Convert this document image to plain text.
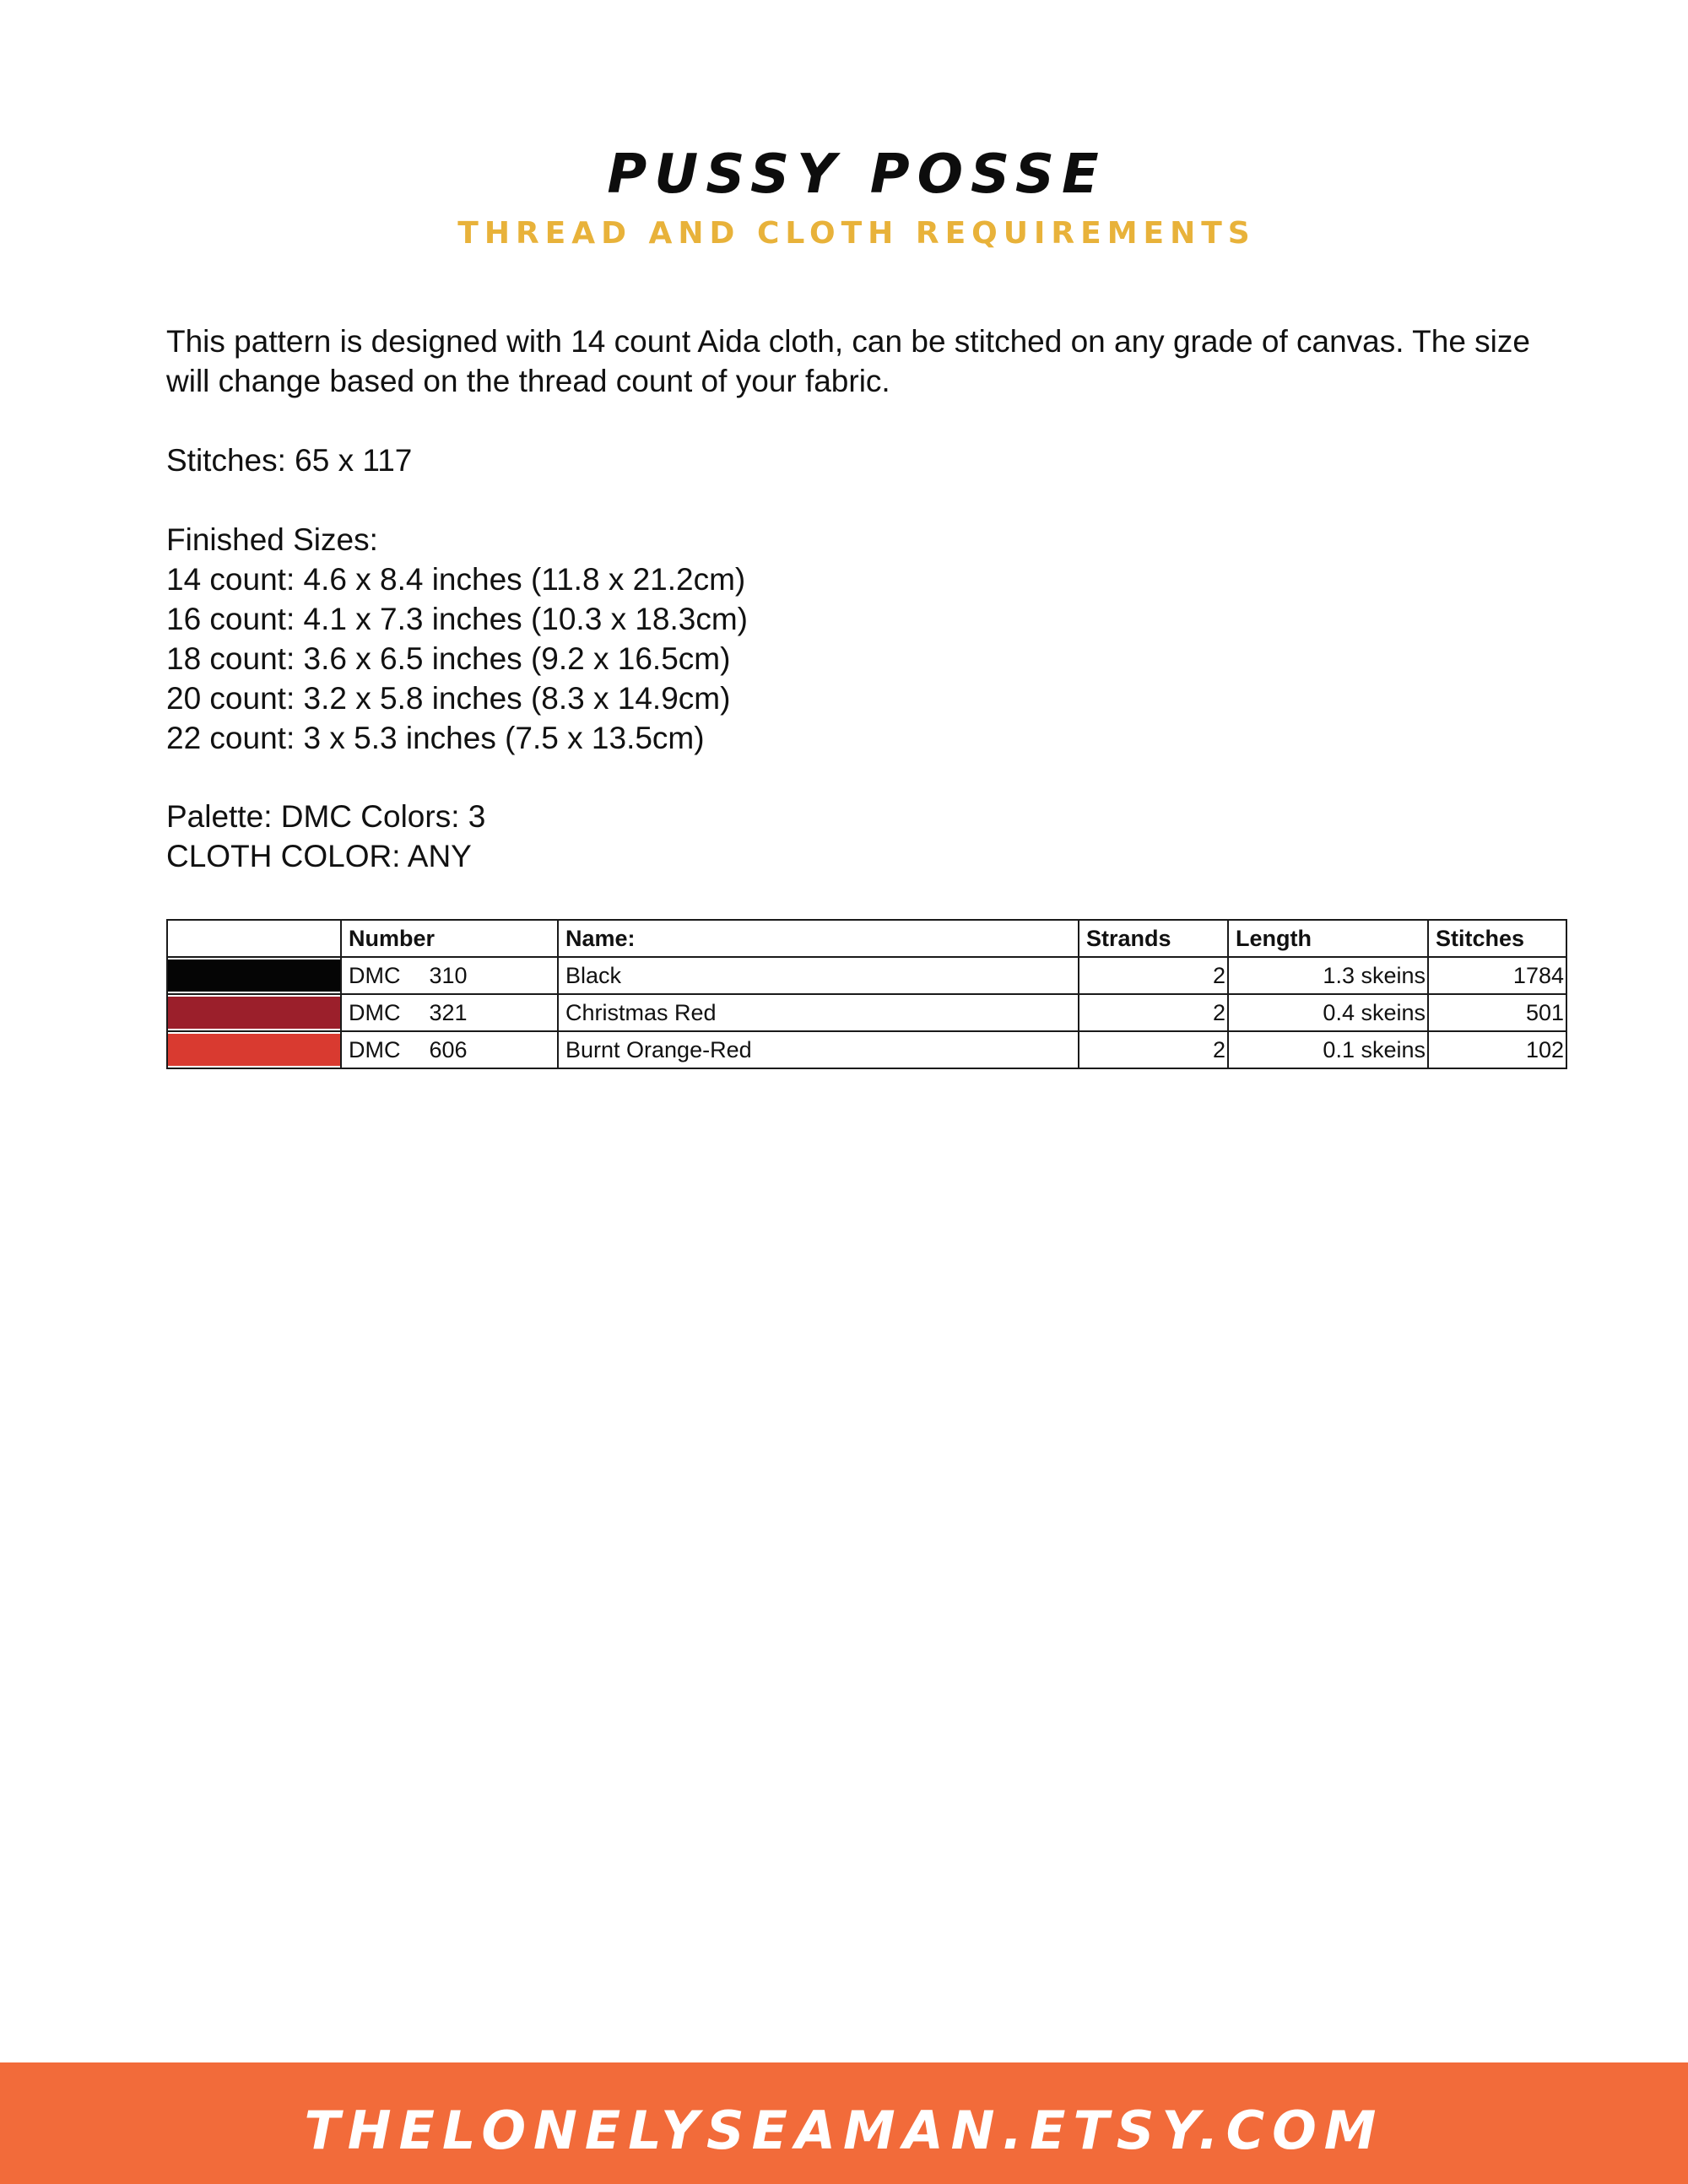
PUSSY POSSE
THREAD AND CLOTH REQUIREMENTS
This pattern is designed with 14 count Aida cloth, can be stitched on any grade of canvas. The size
will change based on the thread count of your fabric.
Stitches: 65 x 117
Finished Sizes:
14 count: 4.6 x 8.4 inches (11.8 x 21.2cm)
16 count: 4.1 x 7.3 inches (10.3 x 18.3cm)
18 count: 3.6 x 6.5 inches (9.2 x 16.5cm)
20 count: 3.2 x 5.8 inches (8.3 x 14.9cm)
22 count: 3 x 5.3 inches (7.5 x 13.5cm)
Palette: DMC Colors: 3
CLOTH COLOR: ANY
	Number	Name:	Strands	Length	Stitches

	DMC 310	Black	2	1.3 skeins	1784

	DMC 321	Christmas Red	2	0.4 skeins	501

	DMC 606	Burnt Orange-Red	2	0.1 skeins	102
THELONELYSEAMAN.ETSY.COM
